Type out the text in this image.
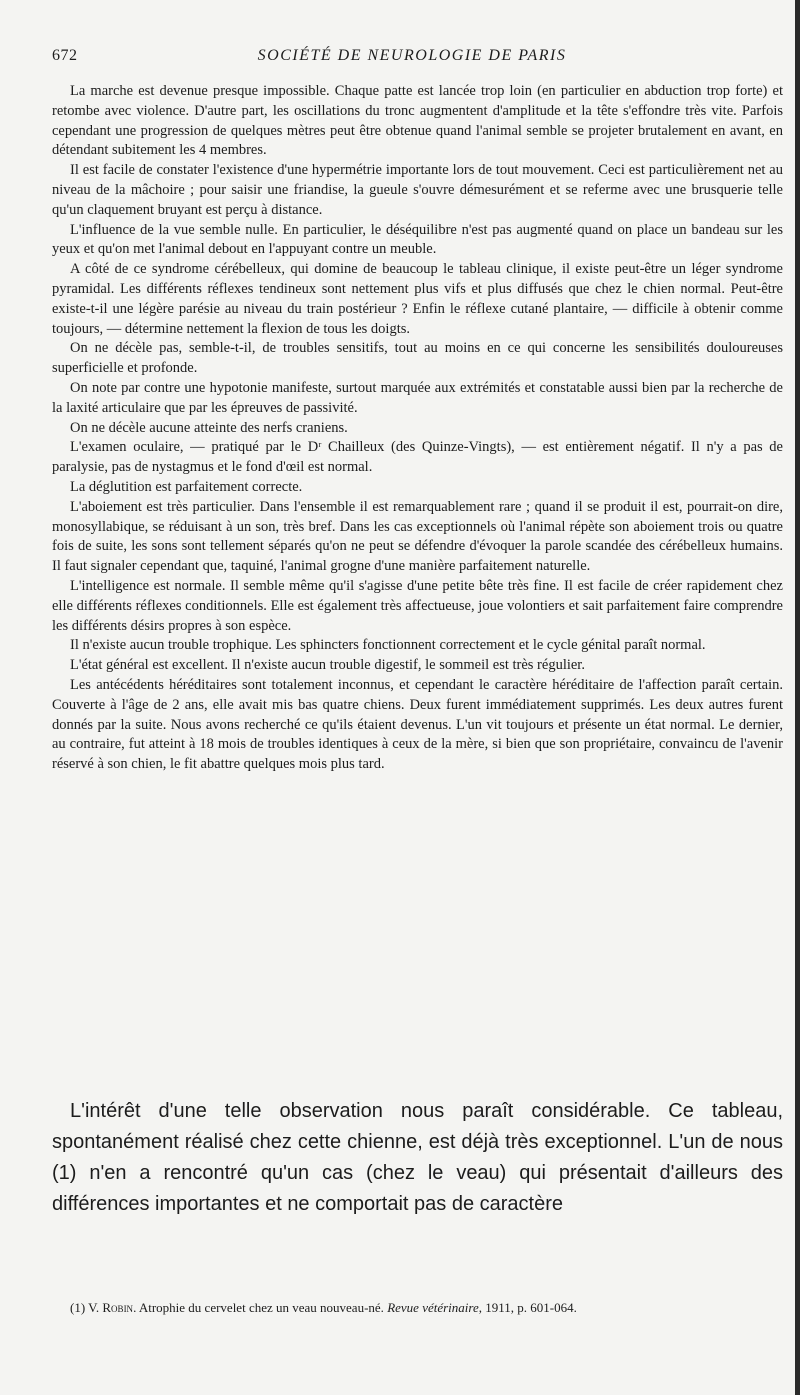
672	SOCIÉTÉ DE NEUROLOGIE DE PARIS

La marche est devenue presque impossible. Chaque patte est lancée trop loin (en particulier en abduction trop forte) et retombe avec violence. D'autre part, les oscillations du tronc augmentent d'amplitude et la tête s'effondre très vite. Parfois cependant une progression de quelques mètres peut être obtenue quand l'animal semble se projeter brutalement en avant, en détendant subitement les 4 membres.

Il est facile de constater l'existence d'une hypermétrie importante lors de tout mouvement. Ceci est particulièrement net au niveau de la mâchoire ; pour saisir une friandise, la gueule s'ouvre démesurément et se referme avec une brusquerie telle qu'un claquement bruyant est perçu à distance.

L'influence de la vue semble nulle. En particulier, le déséquilibre n'est pas augmenté quand on place un bandeau sur les yeux et qu'on met l'animal debout en l'appuyant contre un meuble.

A côté de ce syndrome cérébelleux, qui domine de beaucoup le tableau clinique, il existe peut-être un léger syndrome pyramidal. Les différents réflexes tendineux sont nettement plus vifs et plus diffusés que chez le chien normal. Peut-être existe-t-il une légère parésie au niveau du train postérieur ? Enfin le réflexe cutané plantaire, — difficile à obtenir comme toujours, — détermine nettement la flexion de tous les doigts.

On ne décèle pas, semble-t-il, de troubles sensitifs, tout au moins en ce qui concerne les sensibilités douloureuses superficielle et profonde.

On note par contre une hypotonie manifeste, surtout marquée aux extrémités et constatable aussi bien par la recherche de la laxité articulaire que par les épreuves de passivité.

On ne décèle aucune atteinte des nerfs craniens.

L'examen oculaire, — pratiqué par le Dʳ Chailleux (des Quinze-Vingts), — est entièrement négatif. Il n'y a pas de paralysie, pas de nystagmus et le fond d'œil est normal.

La déglutition est parfaitement correcte.

L'aboiement est très particulier. Dans l'ensemble il est remarquablement rare ; quand il se produit il est, pourrait-on dire, monosyllabique, se réduisant à un son, très bref. Dans les cas exceptionnels où l'animal répète son aboiement trois ou quatre fois de suite, les sons sont tellement séparés qu'on ne peut se défendre d'évoquer la parole scandée des cérébelleux humains. Il faut signaler cependant que, taquiné, l'animal grogne d'une manière parfaitement naturelle.

L'intelligence est normale. Il semble même qu'il s'agisse d'une petite bête très fine. Il est facile de créer rapidement chez elle différents réflexes conditionnels. Elle est également très affectueuse, joue volontiers et sait parfaitement faire comprendre les différents désirs propres à son espèce.

Il n'existe aucun trouble trophique. Les sphincters fonctionnent correctement et le cycle génital paraît normal.

L'état général est excellent. Il n'existe aucun trouble digestif, le sommeil est très régulier.

Les antécédents héréditaires sont totalement inconnus, et cependant le caractère héréditaire de l'affection paraît certain. Couverte à l'âge de 2 ans, elle avait mis bas quatre chiens. Deux furent immédiatement supprimés. Les deux autres furent donnés par la suite. Nous avons recherché ce qu'ils étaient devenus. L'un vit toujours et présente un état normal. Le dernier, au contraire, fut atteint à 18 mois de troubles identiques à ceux de la mère, si bien que son propriétaire, convaincu de l'avenir réservé à son chien, le fit abattre quelques mois plus tard.

L'intérêt d'une telle observation nous paraît considérable. Ce tableau, spontanément réalisé chez cette chienne, est déjà très exceptionnel. L'un de nous (1) n'en a rencontré qu'un cas (chez le veau) qui présentait d'ailleurs des différences importantes et ne comportait pas de caractère

(1) V. Robin. Atrophie du cervelet chez un veau nouveau-né. Revue vétérinaire, 1911, p. 601-064.
